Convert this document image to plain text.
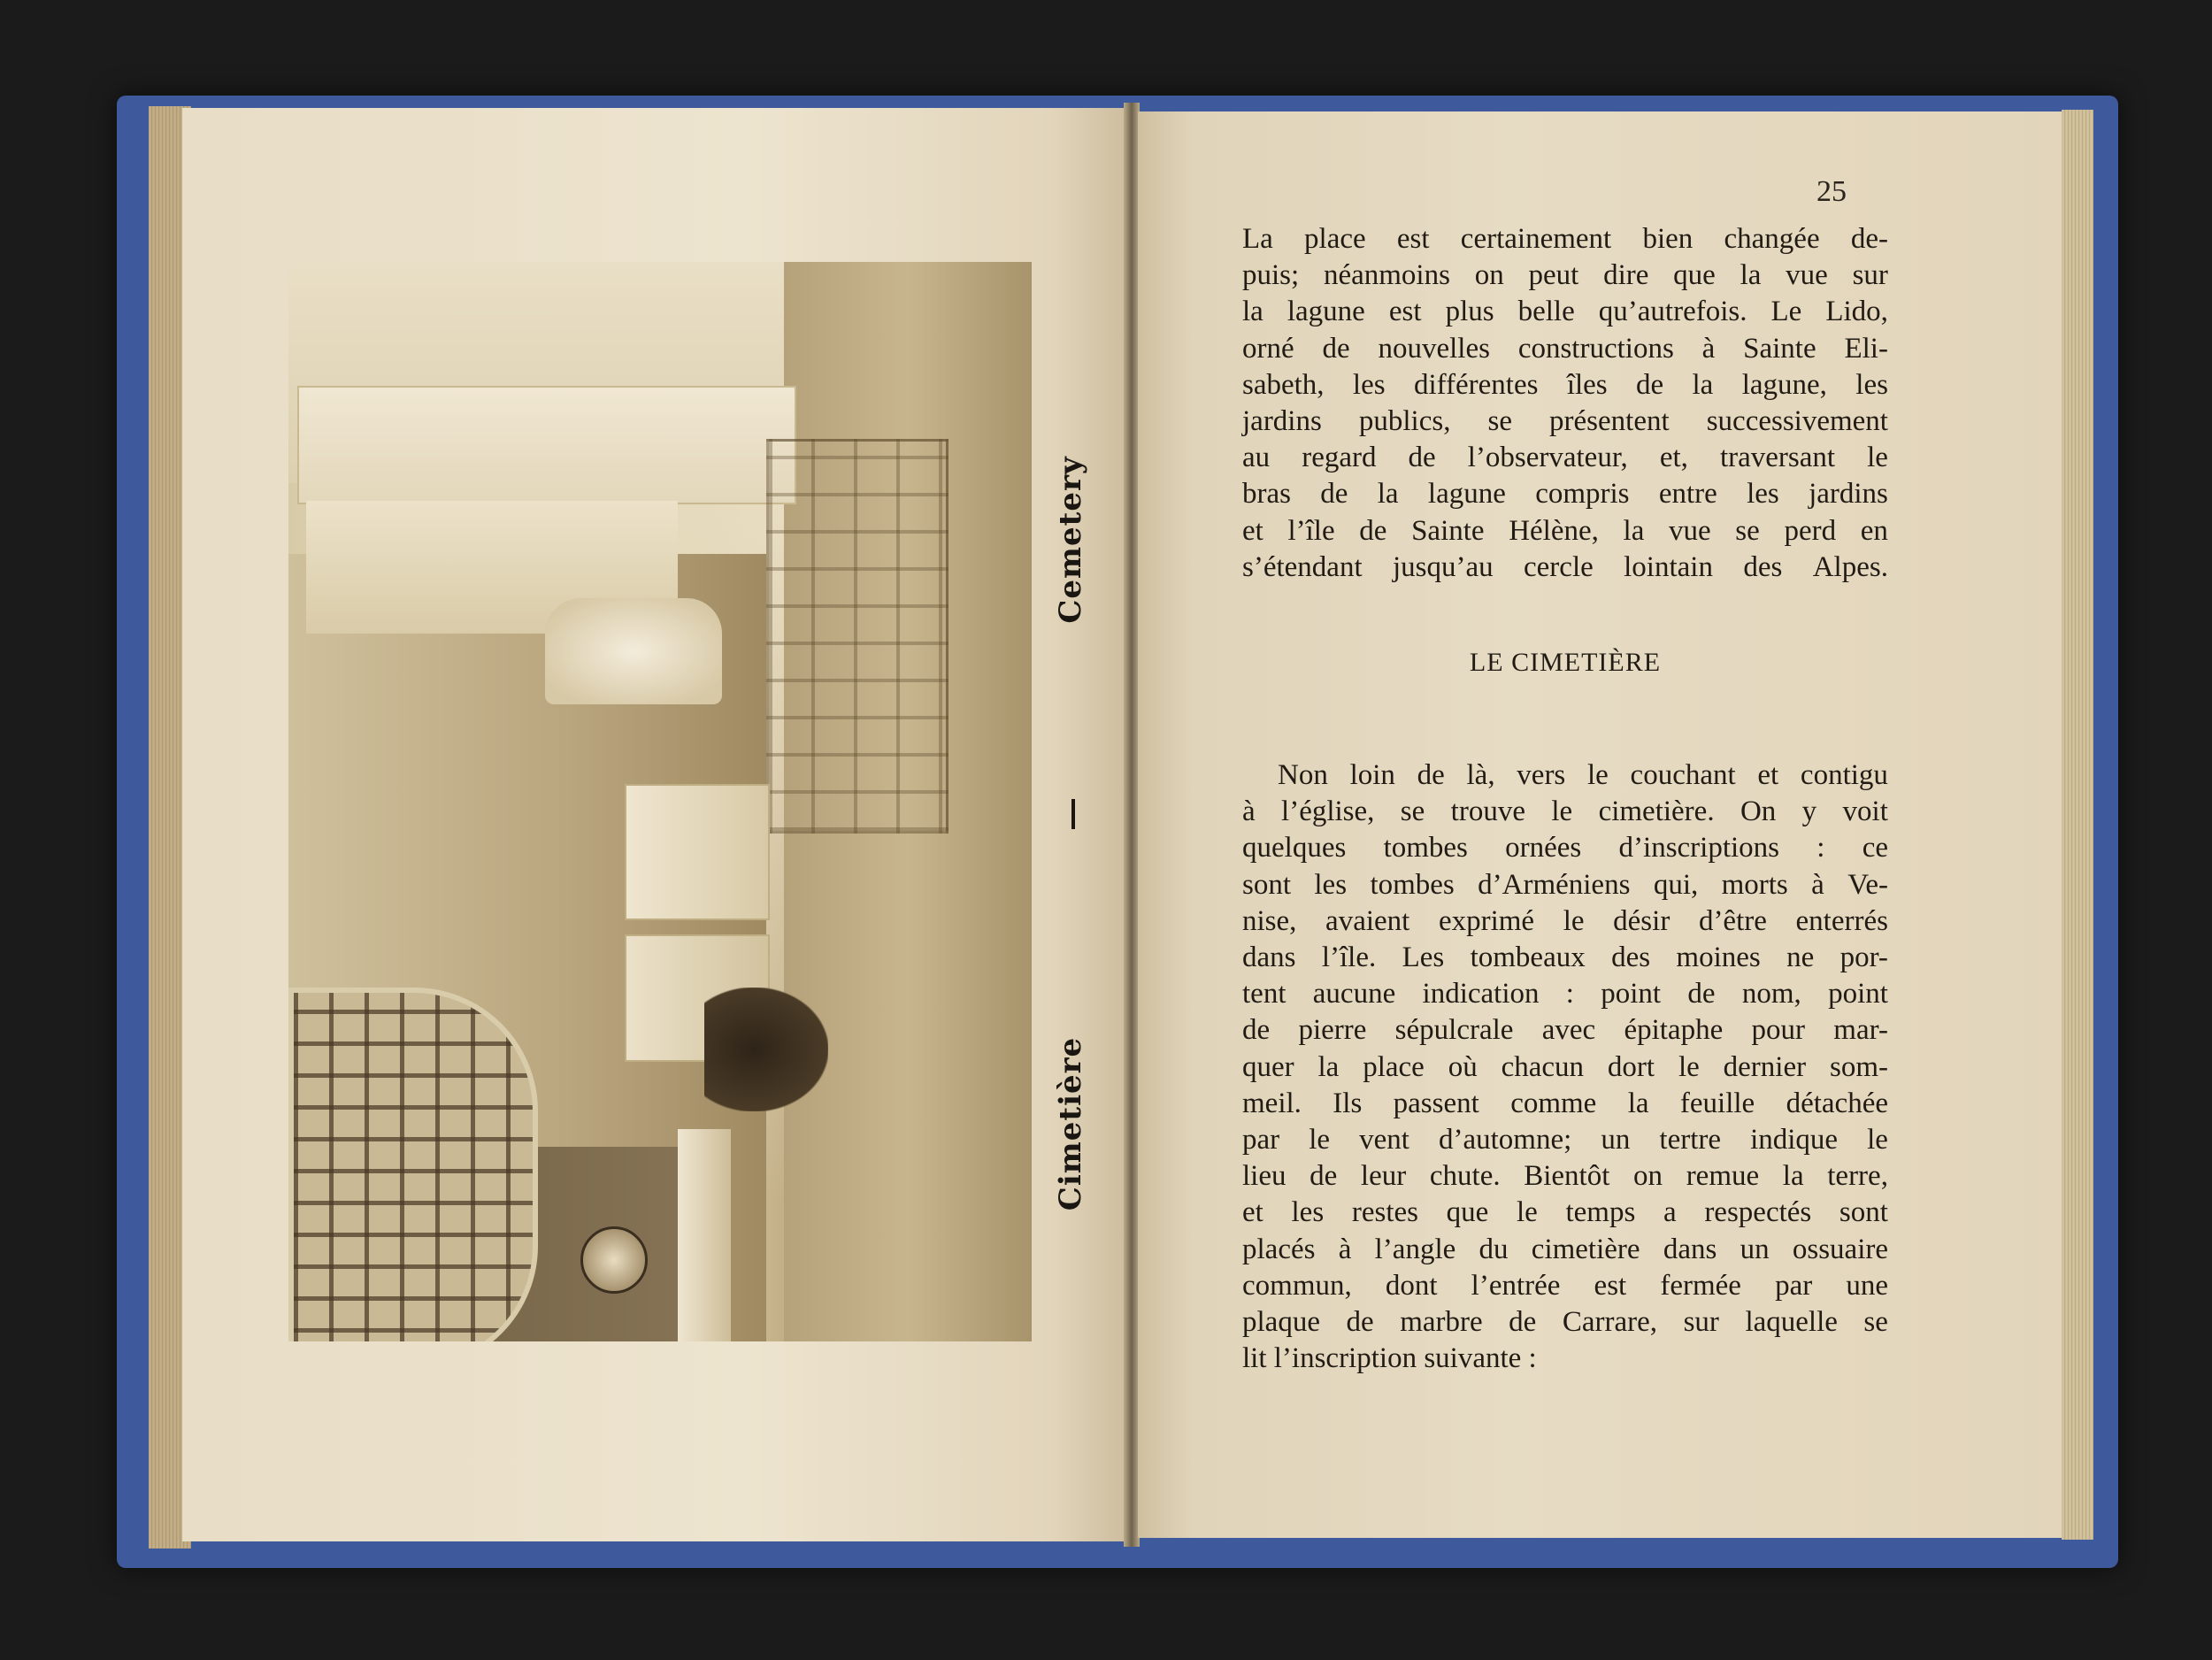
Cemetery
Cimetière
25
La place est certainement bien changée de-
puis; néanmoins on peut dire que la vue sur
la lagune est plus belle qu’autrefois. Le Lido,
orné de nouvelles constructions à Sainte Eli-
sabeth, les différentes îles de la lagune, les
jardins publics, se présentent successivement
au regard de l’observateur, et, traversant le
bras de la lagune compris entre les jardins
et l’île de Sainte Hélène, la vue se perd en
s’étendant jusqu’au cercle lointain des Alpes.
LE CIMETIÈRE
Non loin de là, vers le couchant et contigu
à l’église, se trouve le cimetière. On y voit
quelques tombes ornées d’inscriptions : ce
sont les tombes d’Arméniens qui, morts à Ve-
nise, avaient exprimé le désir d’être enterrés
dans l’île. Les tombeaux des moines ne por-
tent aucune indication : point de nom, point
de pierre sépulcrale avec épitaphe pour mar-
quer la place où chacun dort le dernier som-
meil. Ils passent comme la feuille détachée
par le vent d’automne; un tertre indique le
lieu de leur chute. Bientôt on remue la terre,
et les restes que le temps a respectés sont
placés à l’angle du cimetière dans un ossuaire
commun, dont l’entrée est fermée par une
plaque de marbre de Carrare, sur laquelle se
lit l’inscription suivante :
